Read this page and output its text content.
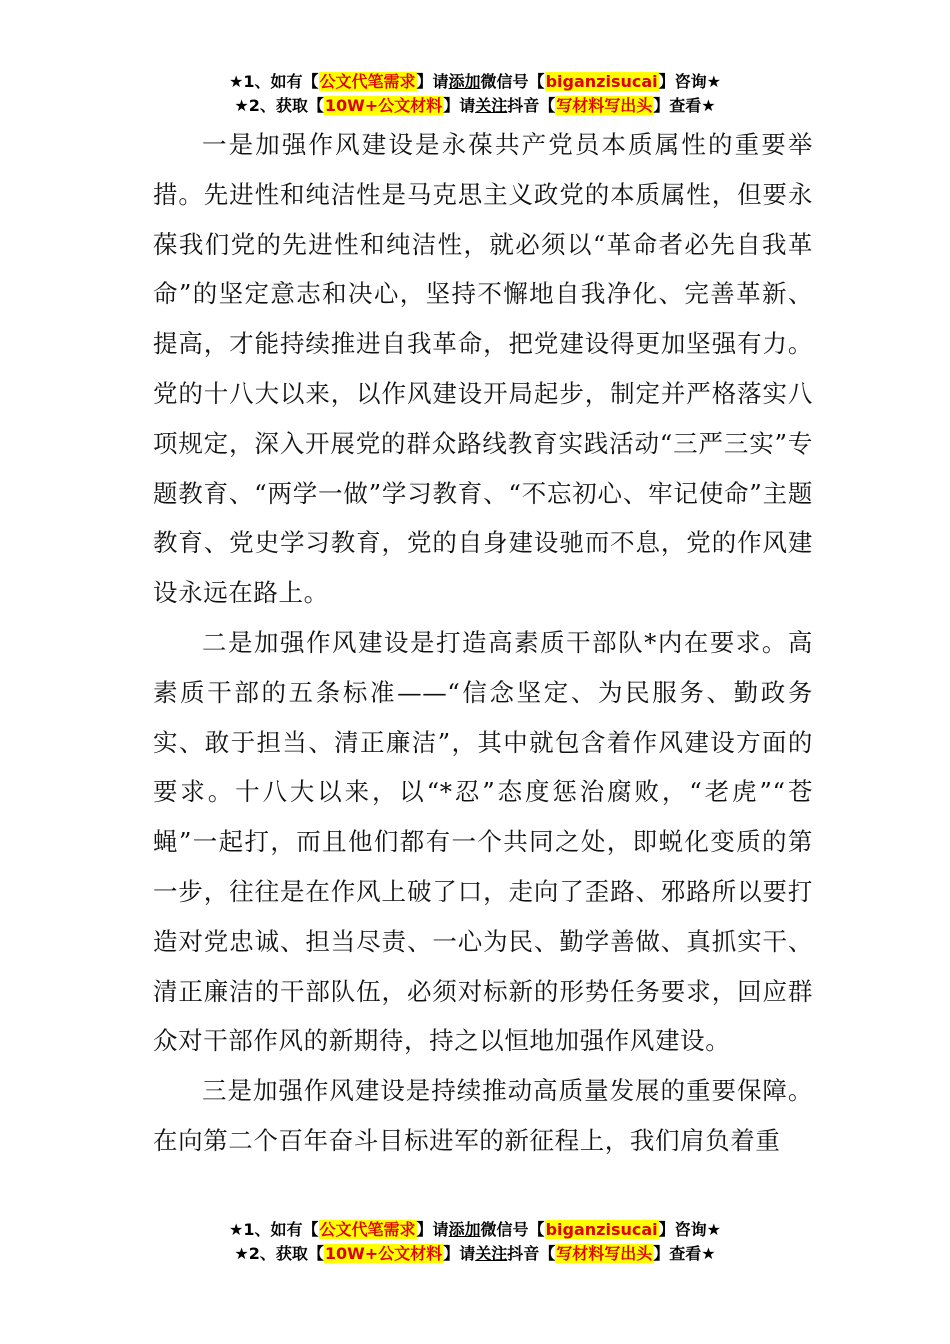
★1、如有【公文代笔需求】请添加微信号【biganzisucai】咨询★
★2、获取【10W+公文材料】请关注抖音【写材料写出头】查看★

一是加强作风建设是永葆共产党员本质属性的重要举措。先进性和纯洁性是马克思主义政党的本质属性，但要永葆我们党的先进性和纯洁性，就必须以“革命者必先自我革命”的坚定意志和决心，坚持不懈地自我净化、完善革新、提高，才能持续推进自我革命，把党建设得更加坚强有力。党的十八大以来，以作风建设开局起步，制定并严格落实八项规定，深入开展党的群众路线教育实践活动“三严三实”专题教育、“两学一做”学习教育、“不忘初心、牢记使命”主题教育、党史学习教育，党的自身建设驰而不息，党的作风建设永远在路上。

二是加强作风建设是打造高素质干部队*内在要求。高素质干部的五条标准——“信念坚定、为民服务、勤政务实、敢于担当、清正廉洁”，其中就包含着作风建设方面的要求。十八大以来，以“*忍”态度惩治腐败，“老虎”“苍蝇”一起打，而且他们都有一个共同之处，即蜕化变质的第一步，往往是在作风上破了口，走向了歪路、邪路所以要打造对党忠诚、担当尽责、一心为民、勤学善做、真抓实干、清正廉洁的干部队伍，必须对标新的形势任务要求，回应群众对干部作风的新期待，持之以恒地加强作风建设。

三是加强作风建设是持续推动高质量发展的重要保障。在向第二个百年奋斗目标进军的新征程上，我们肩负着重

★1、如有【公文代笔需求】请添加微信号【biganzisucai】咨询★
★2、获取【10W+公文材料】请关注抖音【写材料写出头】查看★
